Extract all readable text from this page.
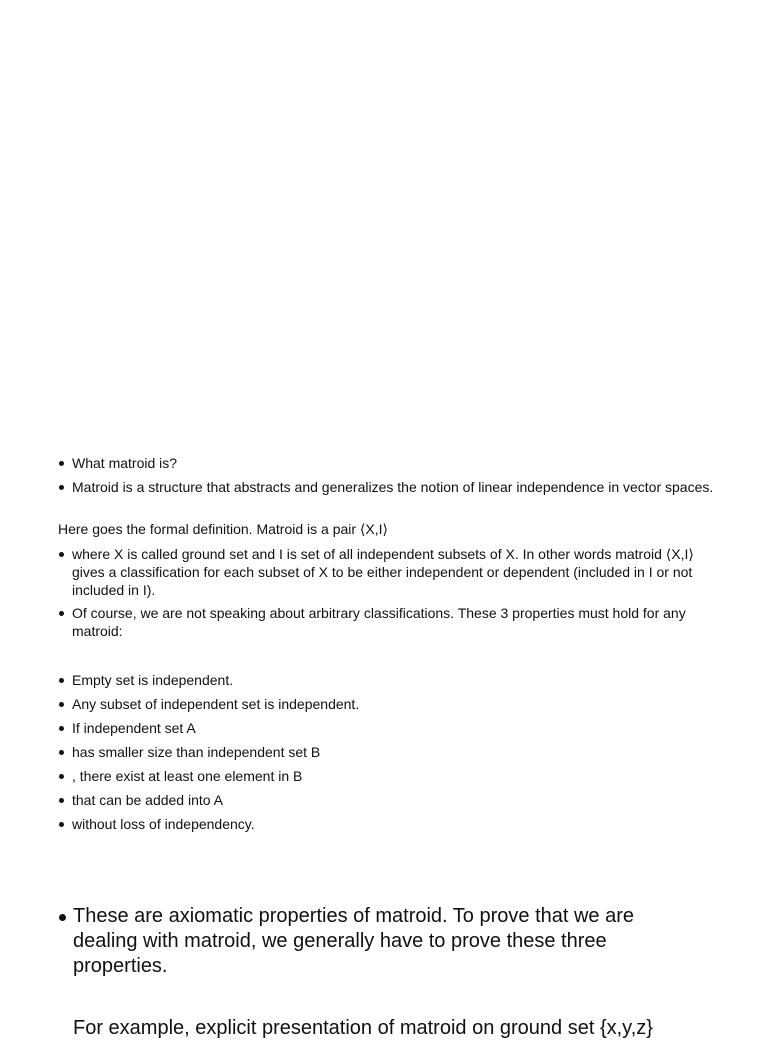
What matroid is?
Matroid is a structure that abstracts and generalizes the notion of linear independence in vector spaces.
Here goes the formal definition. Matroid is a pair ⟨X,I⟩
where X is called ground set and I is set of all independent subsets of X. In other words matroid ⟨X,I⟩ gives a classification for each subset of X to be either independent or dependent (included in I or not included in I).
Of course, we are not speaking about arbitrary classifications. These 3 properties must hold for any matroid:
Empty set is independent.
Any subset of independent set is independent.
If independent set A
has smaller size than independent set B
, there exist at least one element in B
that can be added into A
without loss of independency.
These are axiomatic properties of matroid. To prove that we are dealing with matroid, we generally have to prove these three properties.
For example, explicit presentation of matroid on ground set {x,y,z}
